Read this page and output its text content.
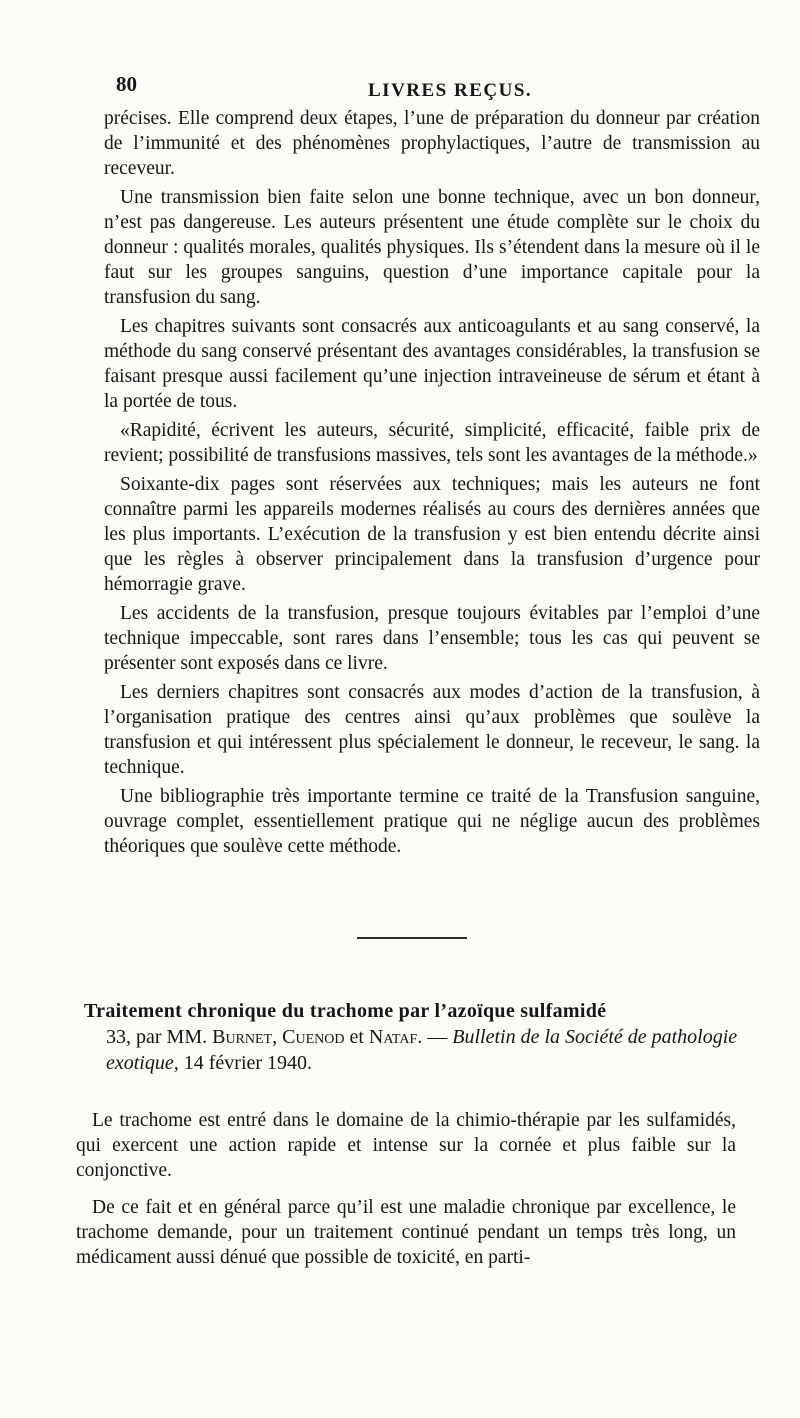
80	LIVRES REÇUS.

précises. Elle comprend deux étapes, l’une de préparation du donneur par création de l’immunité et des phénomènes prophylactiques, l’autre de transmission au receveur.

Une transmission bien faite selon une bonne technique, avec un bon donneur, n’est pas dangereuse. Les auteurs présentent une étude complète sur le choix du donneur : qualités morales, qualités physiques. Ils s’étendent dans la mesure où il le faut sur les groupes sanguins, question d’une importance capitale pour la transfusion du sang.

Les chapitres suivants sont consacrés aux anticoagulants et au sang conservé, la méthode du sang conservé présentant des avantages considérables, la transfusion se faisant presque aussi facilement qu’une injection intraveineuse de sérum et étant à la portée de tous.

«Rapidité, écrivent les auteurs, sécurité, simplicité, efficacité, faible prix de revient; possibilité de transfusions massives, tels sont les avantages de la méthode.»

Soixante-dix pages sont réservées aux techniques; mais les auteurs ne font connaître parmi les appareils modernes réalisés au cours des dernières années que les plus importants. L’exécution de la transfusion y est bien entendu décrite ainsi que les règles à observer principalement dans la transfusion d’urgence pour hémorragie grave.

Les accidents de la transfusion, presque toujours évitables par l’emploi d’une technique impeccable, sont rares dans l’ensemble; tous les cas qui peuvent se présenter sont exposés dans ce livre.

Les derniers chapitres sont consacrés aux modes d’action de la transfusion, à l’organisation pratique des centres ainsi qu’aux problèmes que soulève la transfusion et qui intéressent plus spécialement le donneur, le receveur, le sang. la technique.

Une bibliographie très importante termine ce traité de la Transfusion sanguine, ouvrage complet, essentiellement pratique qui ne néglige aucun des problèmes théoriques que soulève cette méthode.

Traitement chronique du trachome par l’azoïque sulfamidé
33, par MM. Burnet, Cuenod et Nataf. — Bulletin de la Société de pathologie exotique, 14 février 1940.

Le trachome est entré dans le domaine de la chimio-thérapie par les sulfamidés, qui exercent une action rapide et intense sur la cornée et plus faible sur la conjonctive.

De ce fait et en général parce qu’il est une maladie chronique par excellence, le trachome demande, pour un traitement continué pendant un temps très long, un médicament aussi dénué que possible de toxicité, en parti-
